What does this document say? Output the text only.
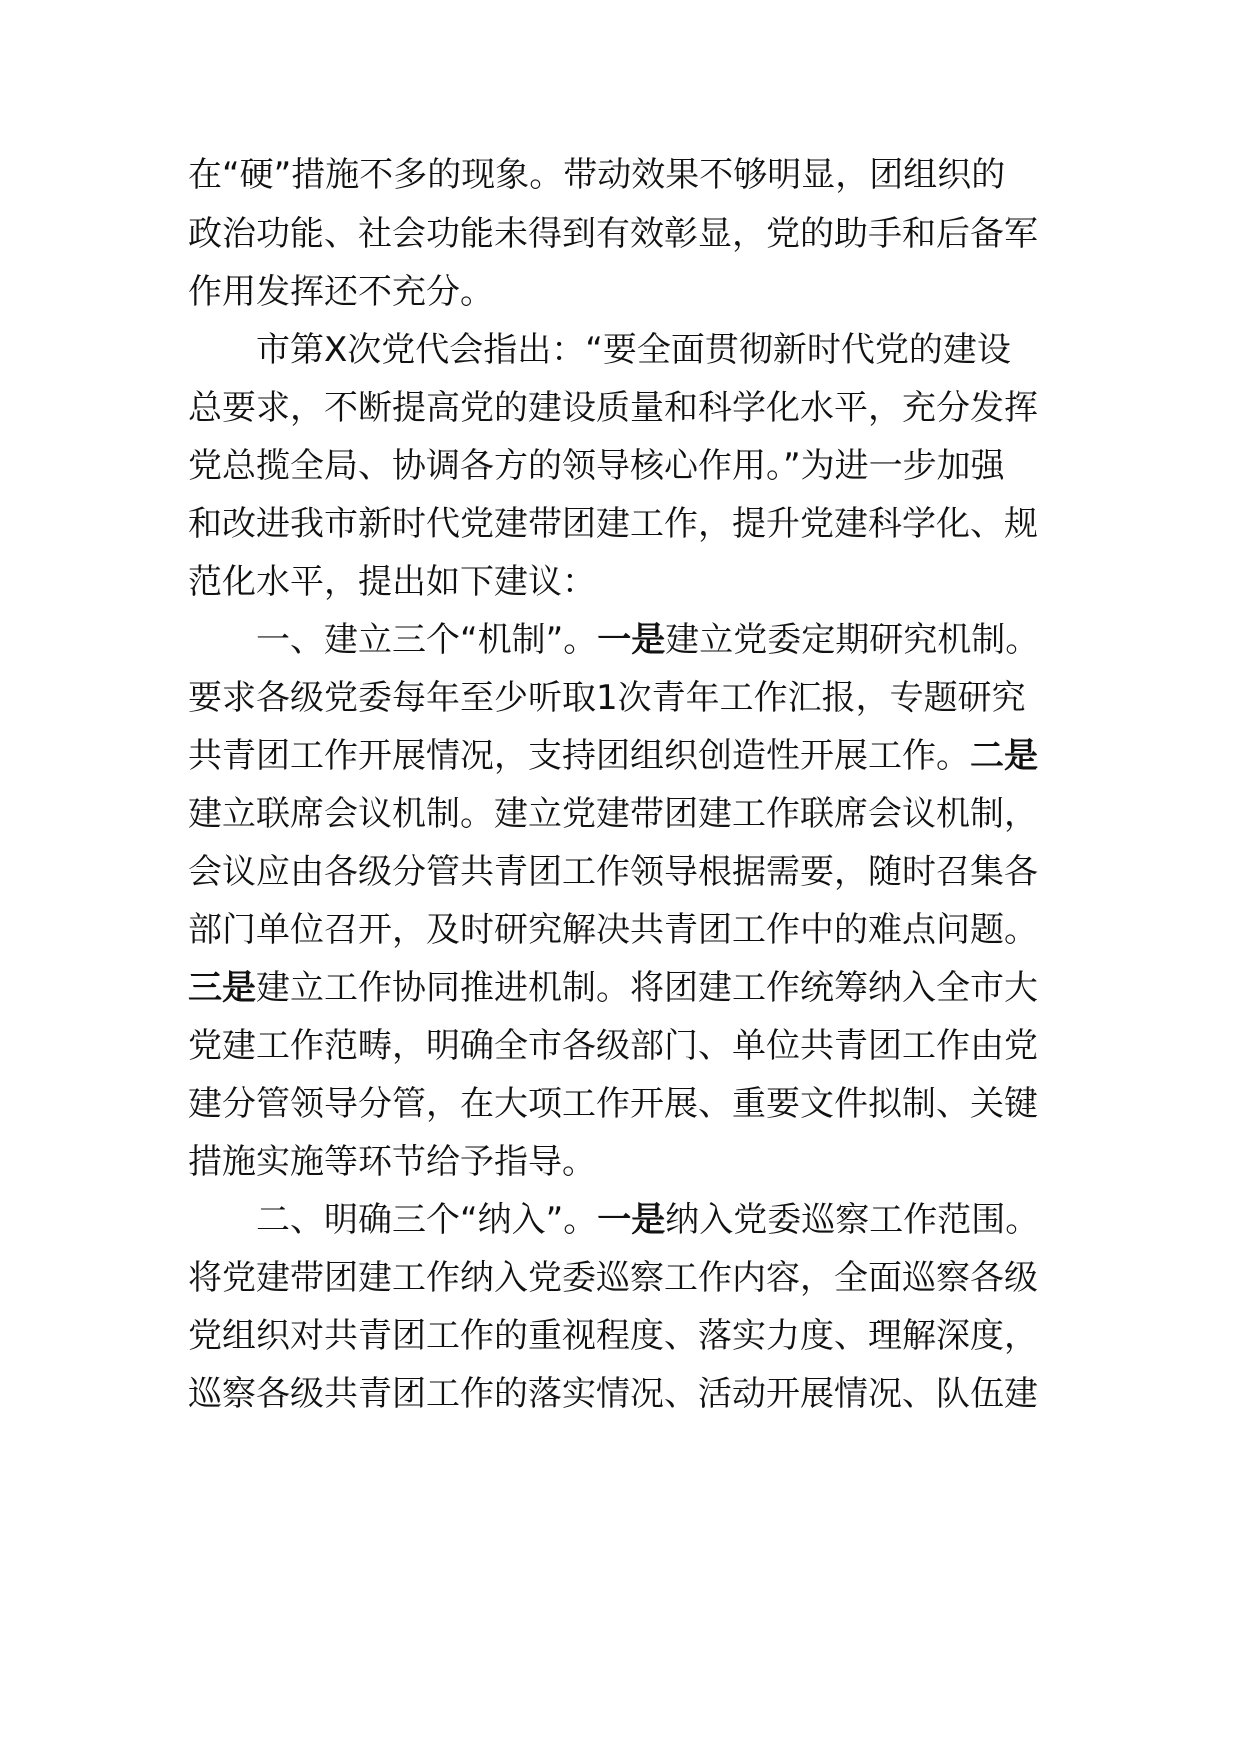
在“硬”措施不多的现象。带动效果不够明显，团组织的
政治功能、社会功能未得到有效彰显，党的助手和后备军
作用发挥还不充分。
市第X次党代会指出：“要全面贯彻新时代党的建设
总要求，不断提高党的建设质量和科学化水平，充分发挥
党总揽全局、协调各方的领导核心作用。”为进一步加强
和改进我市新时代党建带团建工作，提升党建科学化、规
范化水平，提出如下建议：
一、建立三个“机制”。一是建立党委定期研究机制。
要求各级党委每年至少听取1次青年工作汇报，专题研究
共青团工作开展情况，支持团组织创造性开展工作。二是
建立联席会议机制。建立党建带团建工作联席会议机制，
会议应由各级分管共青团工作领导根据需要，随时召集各
部门单位召开，及时研究解决共青团工作中的难点问题。
三是建立工作协同推进机制。将团建工作统筹纳入全市大
党建工作范畴，明确全市各级部门、单位共青团工作由党
建分管领导分管，在大项工作开展、重要文件拟制、关键
措施实施等环节给予指导。
二、明确三个“纳入”。一是纳入党委巡察工作范围。
将党建带团建工作纳入党委巡察工作内容，全面巡察各级
党组织对共青团工作的重视程度、落实力度、理解深度，
巡察各级共青团工作的落实情况、活动开展情况、队伍建
